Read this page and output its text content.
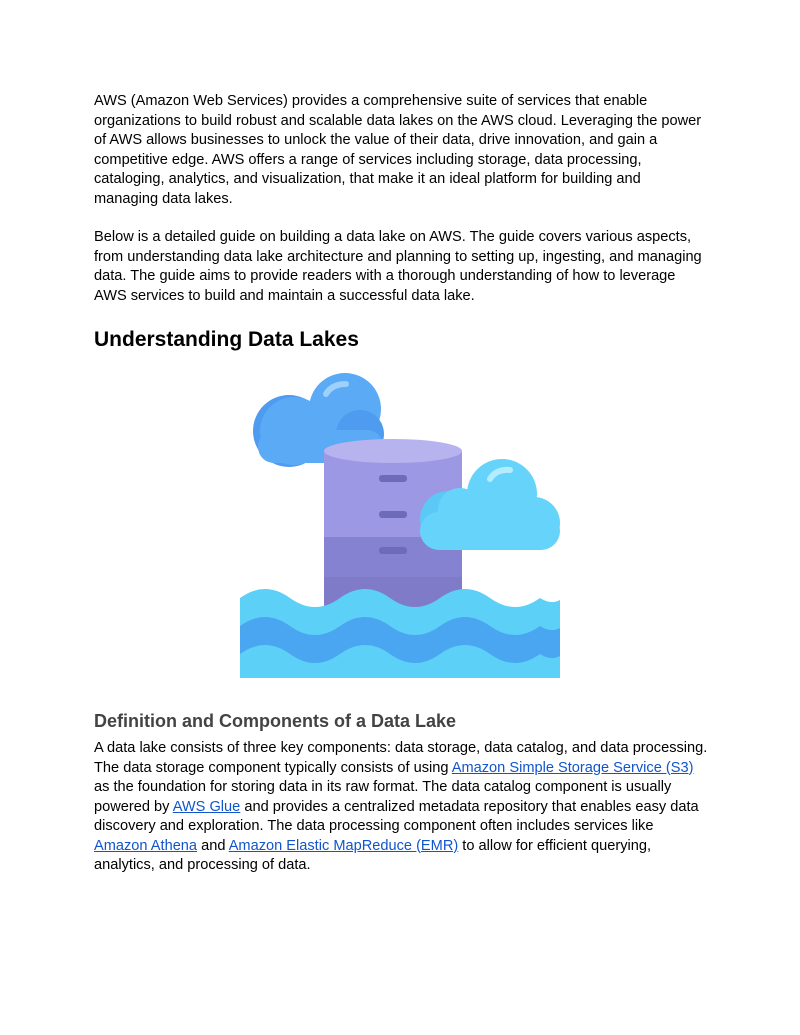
AWS (Amazon Web Services) provides a comprehensive suite of services that enable organizations to build robust and scalable data lakes on the AWS cloud. Leveraging the power of AWS allows businesses to unlock the value of their data, drive innovation, and gain a competitive edge. AWS offers a range of services including storage, data processing, cataloging, analytics, and visualization, that make it an ideal platform for building and managing data lakes.

Below is a detailed guide on building a data lake on AWS. The guide covers various aspects, from understanding data lake architecture and planning to setting up, ingesting, and managing data. The guide aims to provide readers with a thorough understanding of how to leverage AWS services to build and maintain a successful data lake.

Understanding Data Lakes
Definition and Components of a Data Lake

A data lake consists of three key components: data storage, data catalog, and data processing. The data storage component typically consists of using Amazon Simple Storage Service (S3) as the foundation for storing data in its raw format. The data catalog component is usually powered by AWS Glue and provides a centralized metadata repository that enables easy data discovery and exploration. The data processing component often includes services like Amazon Athena and Amazon Elastic MapReduce (EMR) to allow for efficient querying, analytics, and processing of data.
